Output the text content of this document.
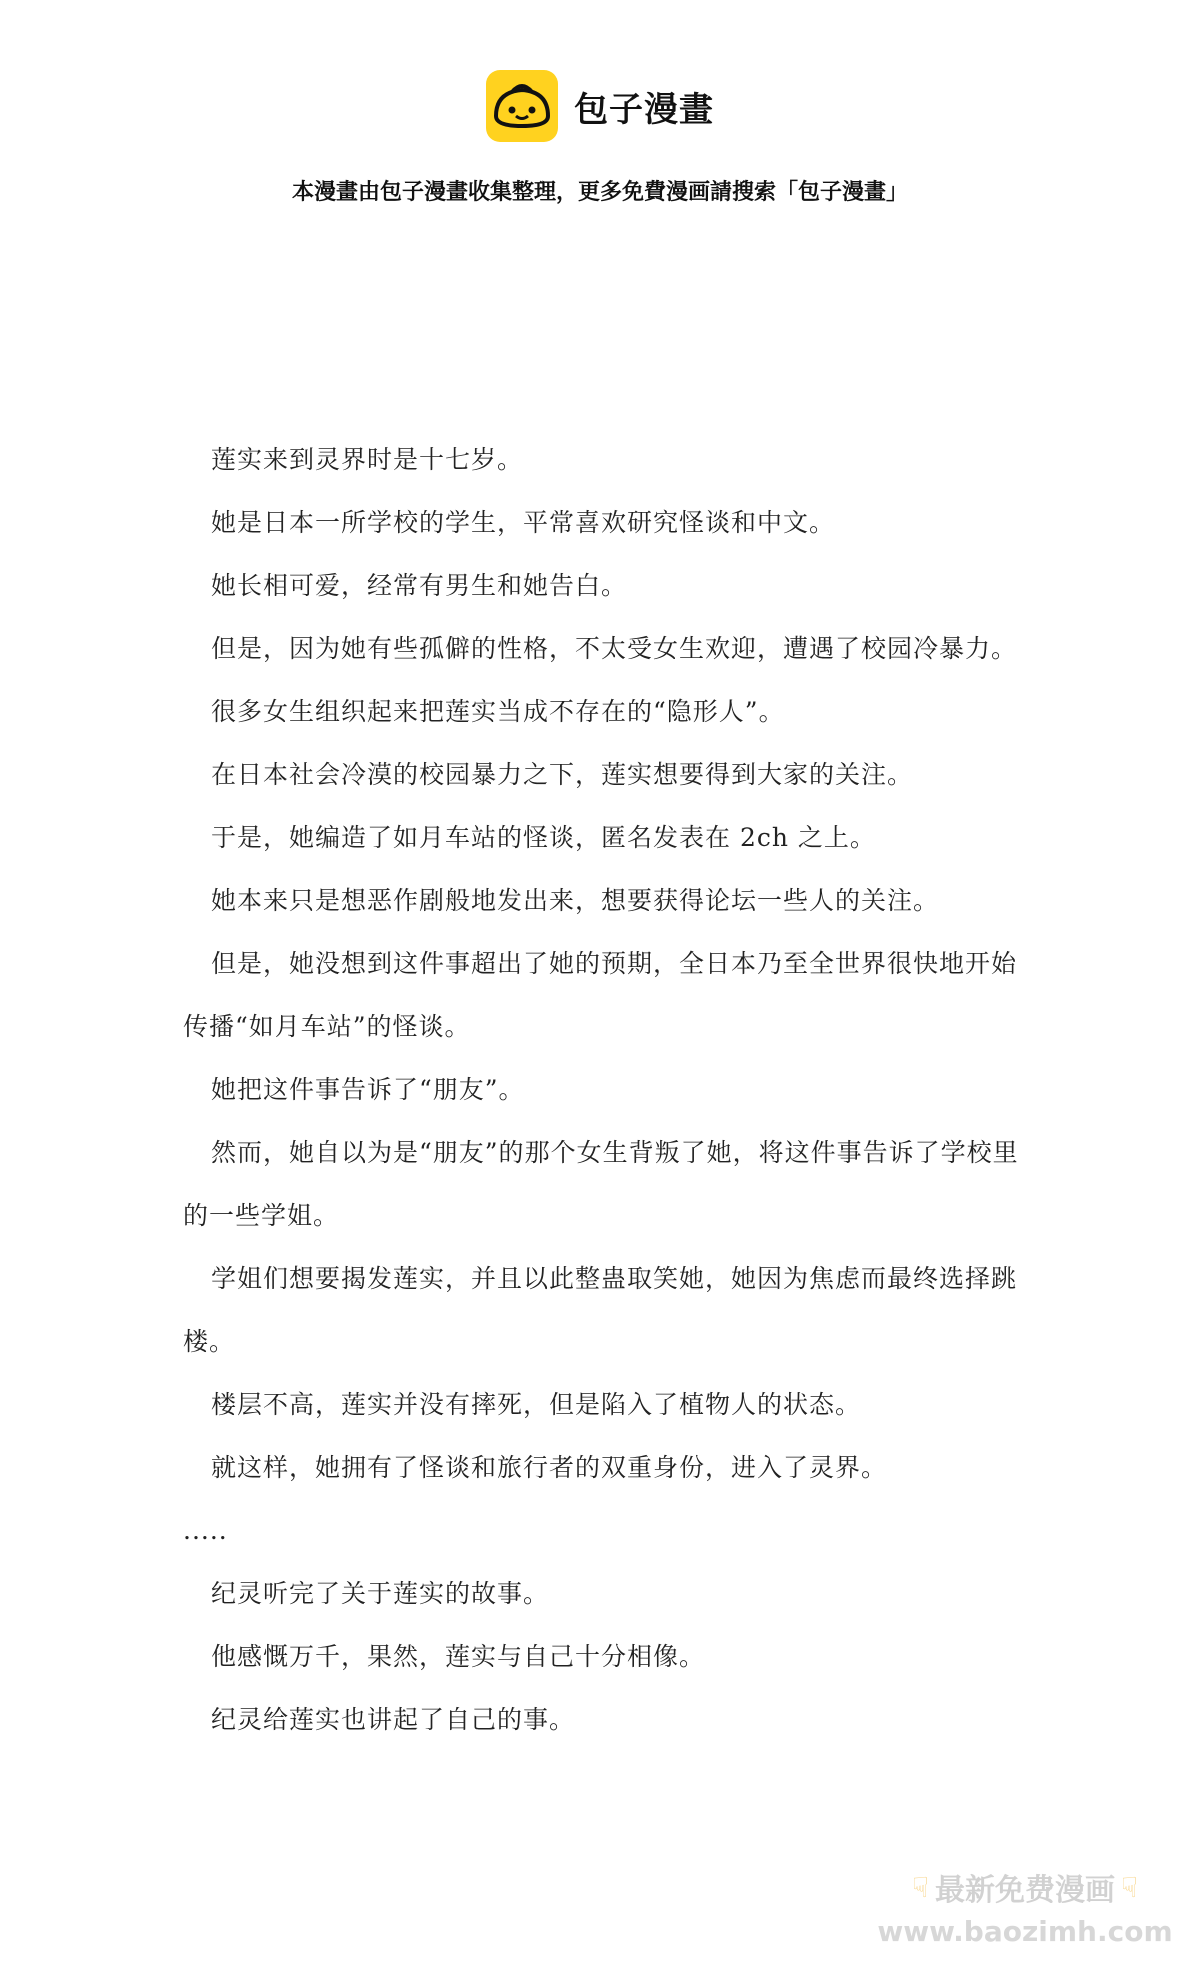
包子漫畫
本漫畫由包子漫畫收集整理，更多免費漫画請搜索「包子漫畫」

莲实来到灵界时是十七岁。

她是日本一所学校的学生，平常喜欢研究怪谈和中文。

她长相可爱，经常有男生和她告白。

但是，因为她有些孤僻的性格，不太受女生欢迎，遭遇了校园冷暴力。

很多女生组织起来把莲实当成不存在的“隐形人”。

在日本社会冷漠的校园暴力之下，莲实想要得到大家的关注。

于是，她编造了如月车站的怪谈，匿名发表在 2ch 之上。

她本来只是想恶作剧般地发出来，想要获得论坛一些人的关注。

但是，她没想到这件事超出了她的预期，全日本乃至全世界很快地开始传播“如月车站”的怪谈。

她把这件事告诉了“朋友”。

然而，她自以为是“朋友”的那个女生背叛了她，将这件事告诉了学校里的一些学姐。

学姐们想要揭发莲实，并且以此整蛊取笑她，她因为焦虑而最终选择跳楼。

楼层不高，莲实并没有摔死，但是陷入了植物人的状态。

就这样，她拥有了怪谈和旅行者的双重身份，进入了灵界。

.....

纪灵听完了关于莲实的故事。

他感慨万千，果然，莲实与自己十分相像。

纪灵给莲实也讲起了自己的事。

☟ 最新免费漫画 ☟
www.baozimh.com
